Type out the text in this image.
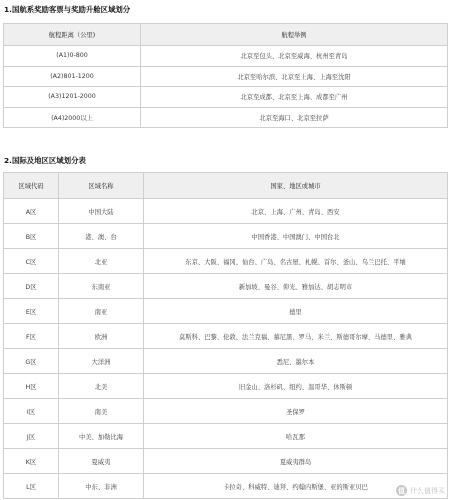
1.国航系奖励客票与奖励升舱区域划分
航程距离（公里)	航程举例
(A1)0-800	北京至包头、北京至威海、杭州至青岛
(A2)801-1200	北京至哈尔滨、北京至上海、上海至沈阳
(A3)1201-2000	北京至成都、北京至上海、成都至广州
(A4)2000以上	北京至海口、北京至拉萨
2.国际及地区区域划分表
区域代码	区域名称	国家、地区或城市
A区	中国大陆	北京、上海、广州、青岛、西安
B区	港、澳、台	中国香港、中国澳门、中国台北
C区	北亚	东京、大阪、福冈、仙台、广岛、名古屋、札幌、首尔、釜山、乌兰巴托、平壤
D区	东南亚	新加坡、曼谷、仰光、雅加达、胡志明市
E区	南亚	德里
F区	欧洲	莫斯科、巴黎、伦敦、法兰克福、慕尼黑、罗马、米兰、斯德哥尔摩、马德里、雅典
G区	大洋洲	悉尼、墨尔本
H区	北美	旧金山、洛杉矶、纽约、温哥华、休斯顿
I区	南美	圣保罗
J区	中美、加勒比海	哈瓦那
K区	夏威夷	夏威夷群岛
L区	中东、非洲	卡拉奇、科威特、迪拜、约翰内斯堡、亚的斯亚贝巴	值 什么值得买
